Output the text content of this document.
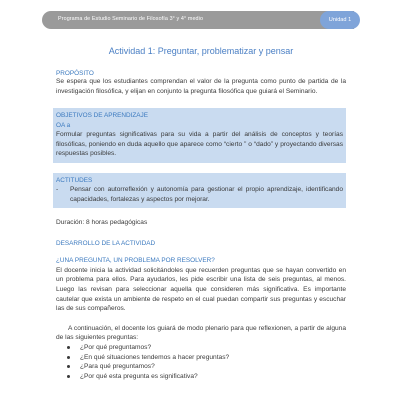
Programa de Estudio Seminario de Filosofía 3° y 4° medio	Unidad 1
Actividad 1: Preguntar, problematizar y pensar
PROPÓSITO
Se espera que los estudiantes comprendan el valor de la pregunta como punto de partida de la investigación filosófica, y elijan en conjunto la pregunta filosófica que guiará el Seminario.
OBJETIVOS DE APRENDIZAJE
OA a
Formular preguntas significativas para su vida a partir del análisis de conceptos y teorías filosóficas, poniendo en duda aquello que aparece como “cierto ” o “dado” y proyectando diversas respuestas posibles.
ACTITUDES
-	Pensar con autorreflexión y autonomía para gestionar el propio aprendizaje, identificando capacidades, fortalezas y aspectos por mejorar.
Duración: 8 horas pedagógicas
DESARROLLO DE LA ACTIVIDAD
¿UNA PREGUNTA, UN PROBLEMA POR RESOLVER?
El docente inicia la actividad solicitándoles que recuerden preguntas que se hayan convertido en un problema para ellos. Para ayudarlos, les pide escribir una lista de seis preguntas, al menos. Luego las revisan para seleccionar aquella que consideren más significativa. Es importante cautelar que exista un ambiente de respeto en el cual puedan compartir sus preguntas y escuchar las de sus compañeros.
A continuación, el docente los guiará de modo plenario para que reflexionen, a partir de alguna de las siguientes preguntas:
¿Por qué preguntamos?
¿En qué situaciones tendemos a hacer preguntas?
¿Para qué preguntamos?
¿Por qué esta pregunta es significativa?
